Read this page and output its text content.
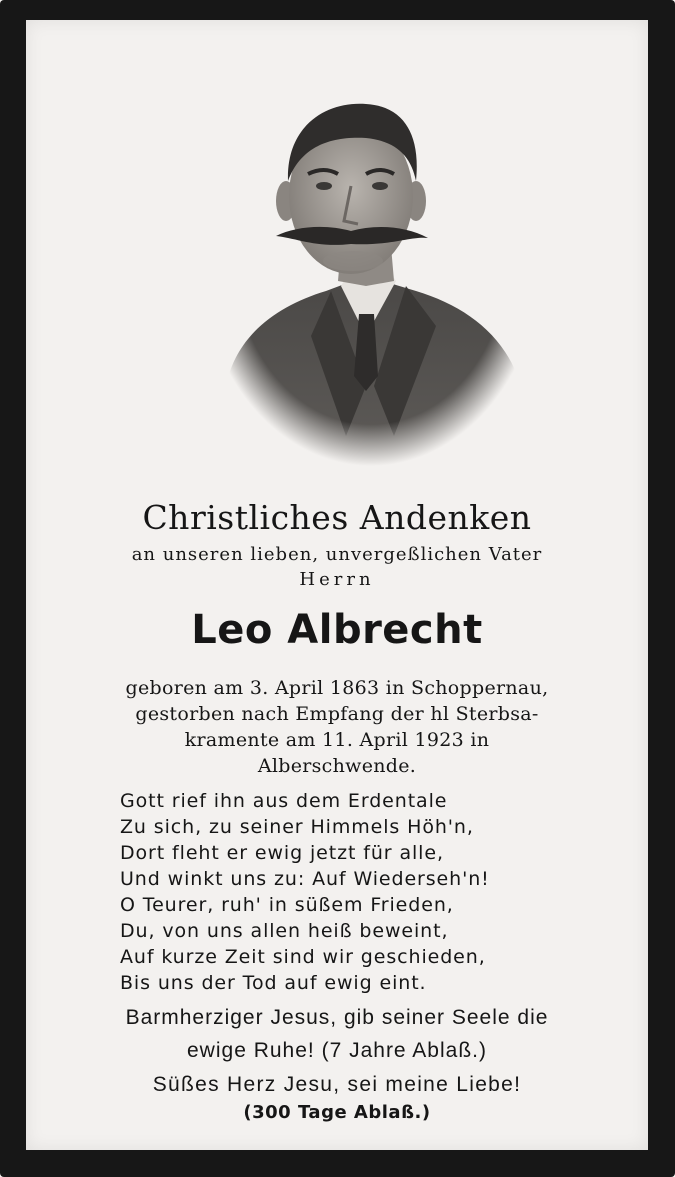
Christliches Andenken
an unseren lieben, unvergeßlichen Vater
Herrn
Leo Albrecht
geboren am 3. April 1863 in Schoppernau,
gestorben nach Empfang der hl Sterbsa-
kramente am 11. April 1923 in
Alberschwende.
Gott rief ihn aus dem Erdentale
Zu sich, zu seiner Himmels Höh'n,
Dort fleht er ewig jetzt für alle,
Und winkt uns zu: Auf Wiederseh'n!
O Teurer, ruh' in süßem Frieden,
Du, von uns allen heiß beweint,
Auf kurze Zeit sind wir geschieden,
Bis uns der Tod auf ewig eint.
Barmherziger Jesus, gib seiner Seele die
ewige Ruhe! (7 Jahre Ablaß.)
Süßes Herz Jesu, sei meine Liebe!
(300 Tage Ablaß.)
